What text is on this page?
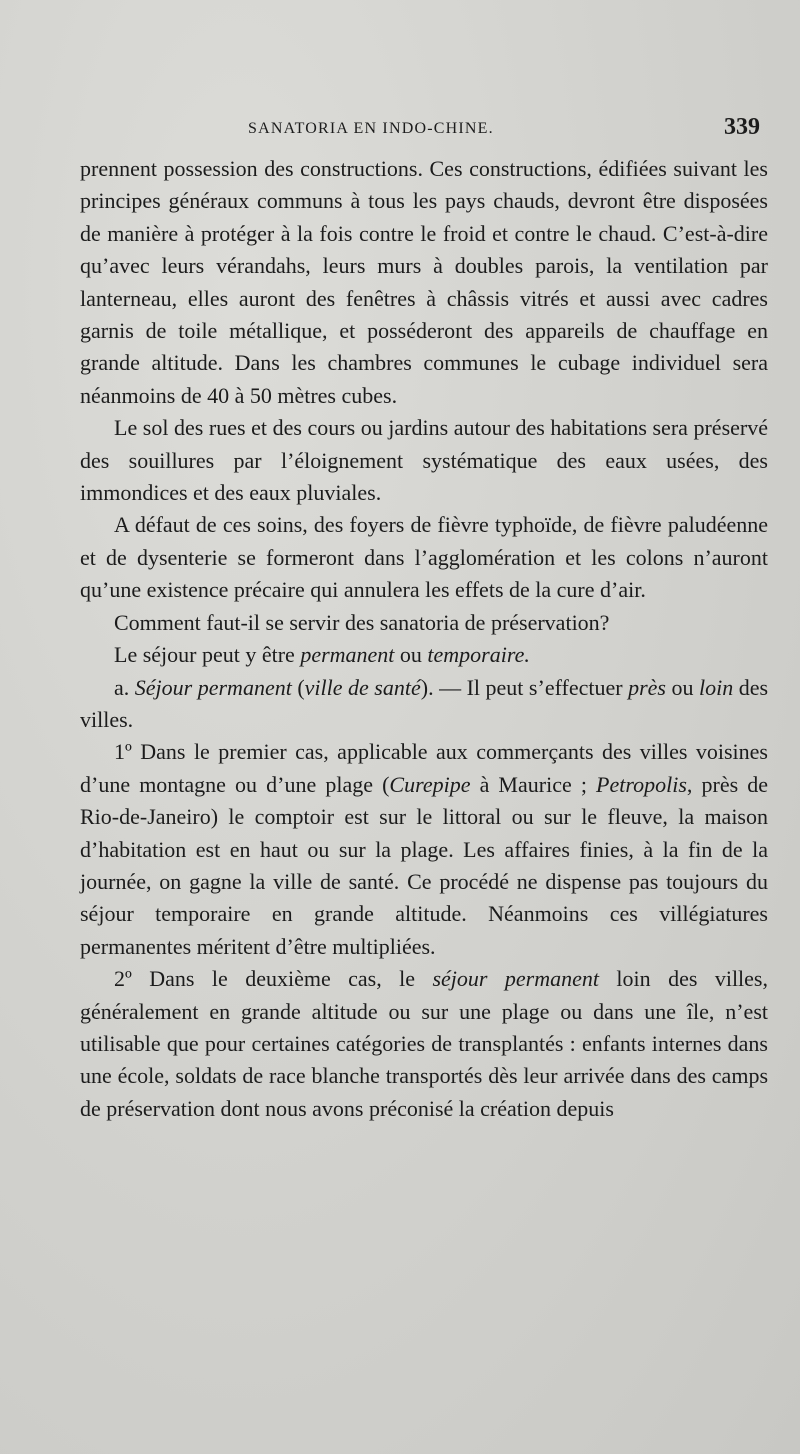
SANATORIA EN INDO-CHINE.	339

prennent possession des constructions. Ces constructions, édifiées suivant les principes généraux communs à tous les pays chauds, devront être disposées de manière à protéger à la fois contre le froid et contre le chaud. C’est-à-dire qu’avec leurs vérandahs, leurs murs à doubles parois, la ventilation par lanterneau, elles auront des fenêtres à châssis vitrés et aussi avec cadres garnis de toile métallique, et posséderont des appareils de chauffage en grande altitude. Dans les chambres communes le cubage individuel sera néanmoins de 40 à 50 mètres cubes.

Le sol des rues et des cours ou jardins autour des habitations sera préservé des souillures par l’éloignement systématique des eaux usées, des immondices et des eaux pluviales.

A défaut de ces soins, des foyers de fièvre typhoïde, de fièvre paludéenne et de dysenterie se formeront dans l’agglomération et les colons n’auront qu’une existence précaire qui annulera les effets de la cure d’air.

Comment faut-il se servir des sanatoria de préservation?

Le séjour peut y être permanent ou temporaire.

a. Séjour permanent (ville de santé). — Il peut s’effectuer près ou loin des villes.

1º Dans le premier cas, applicable aux commerçants des villes voisines d’une montagne ou d’une plage (Curepipe à Maurice ; Petropolis, près de Rio-de-Janeiro) le comptoir est sur le littoral ou sur le fleuve, la maison d’habitation est en haut ou sur la plage. Les affaires finies, à la fin de la journée, on gagne la ville de santé. Ce procédé ne dispense pas toujours du séjour temporaire en grande altitude. Néanmoins ces villégiatures permanentes méritent d’être multipliées.

2º Dans le deuxième cas, le séjour permanent loin des villes, généralement en grande altitude ou sur une plage ou dans une île, n’est utilisable que pour certaines catégories de transplantés : enfants internes dans une école, soldats de race blanche transportés dès leur arrivée dans des camps de préservation dont nous avons préconisé la création depuis
